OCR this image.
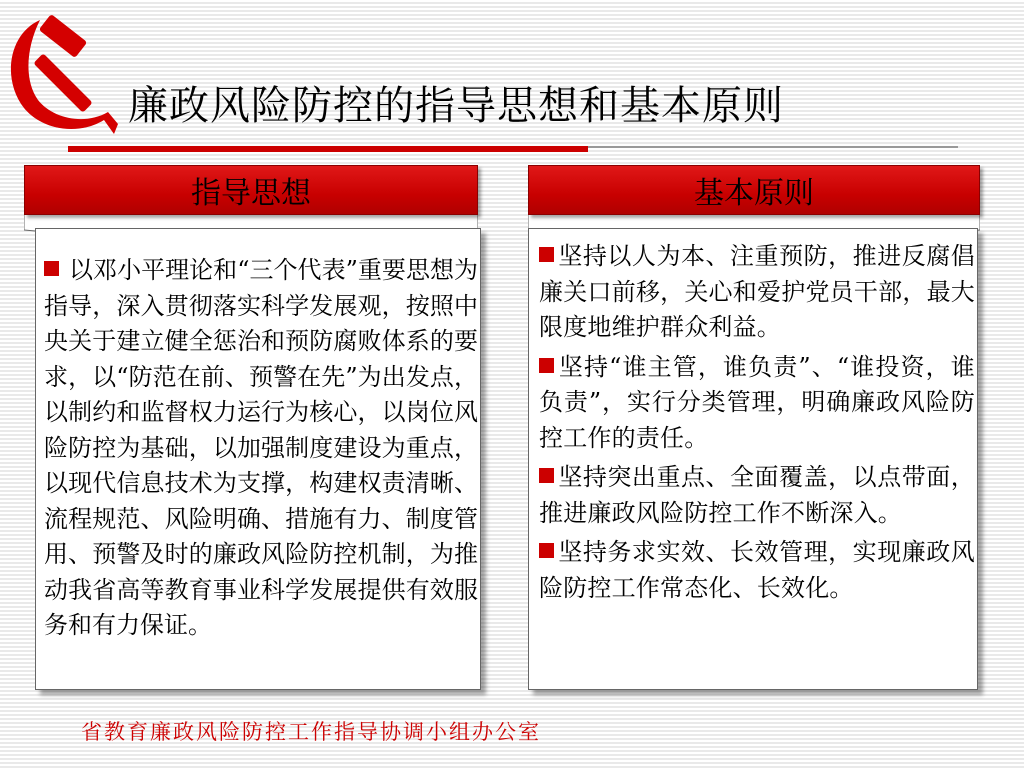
廉政风险防控的指导思想和基本原则

以邓小平理论和“三个代表”重要思想为指导，深入贯彻落实科学发展观，按照中央关于建立健全惩治和预防腐败体系的要求，以“防范在前、预警在先”为出发点，以制约和监督权力运行为核心，以岗位风险防控为基础，以加强制度建设为重点，以现代信息技术为支撑，构建权责清晰、流程规范、风险明确、措施有力、制度管用、预警及时的廉政风险防控机制，为推动我省高等教育事业科学发展提供有效服务和有力保证。

指导思想

坚持以人为本、注重预防，推进反腐倡廉关口前移，关心和爱护党员干部，最大限度地维护群众利益。

坚持“谁主管，谁负责”、“谁投资，谁负责”，实行分类管理，明确廉政风险防控工作的责任。

坚持突出重点、全面覆盖，以点带面，推进廉政风险防控工作不断深入。

坚持务求实效、长效管理，实现廉政风险防控工作常态化、长效化。

基本原则

省教育廉政风险防控工作指导协调小组办公室
